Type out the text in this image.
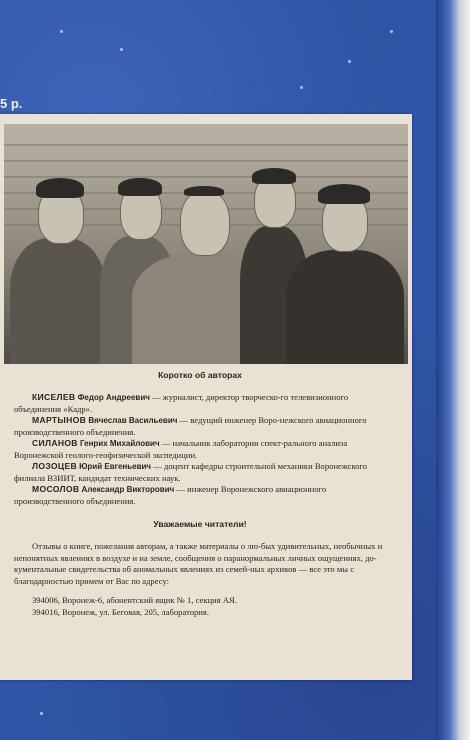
5 р.
Коротко об авторах

КИСЕЛЕВ Федор Андреевич — журналист, директор творческо-го телевизионного объединения «Кадр».

МАРТЫНОВ Вячеслав Васильевич — ведущий инженер Воро-нежского авиационного производственного объединения.

СИЛАНОВ Генрих Михайлович — начальник лаборатории спект-рального анализа Воронежской геолого-геофизической экспедиции.

ЛОЗОЦЕВ Юрий Евгеньевич — доцент кафедры строительной механики Воронежского филиала ВЗИИТ, кандидат технических наук.

МОСОЛОВ Александр Викторович — инженер Воронежского авиационного производственного объединения.

Уважаемые читатели!

Отзывы о книге, пожелания авторам, а также материалы о лю-бых удивительных, необычных и непонятных явлениях в воздухе и на земле, сообщения о паранормальных личных ощущениях, до-кументальные свидетельства об аномальных явлениях из семей-ных архивов — все это мы с благодарностью примем от Вас по адресу:

394006, Воронеж-6, абонентский ящик № 1, секция АЯ.
394016, Воронеж, ул. Беговая, 205, лаборатория.
